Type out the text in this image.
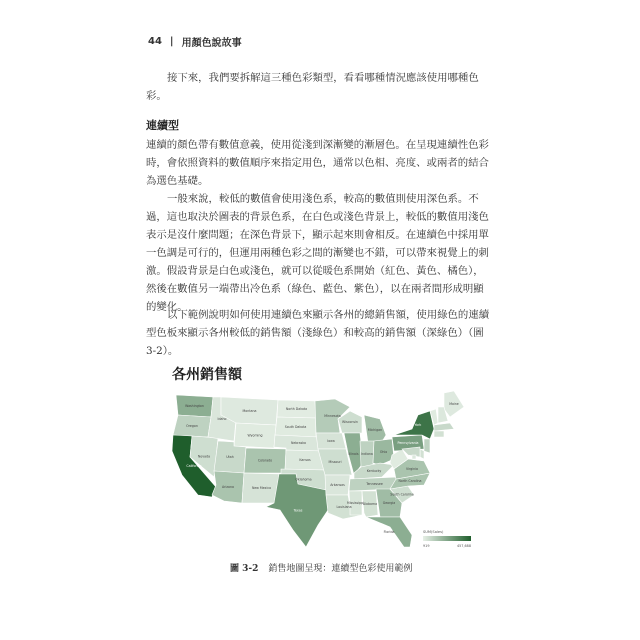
44 | 用顏色說故事

接下來，我們要拆解這三種色彩類型，看看哪種情況應該使用哪種色彩。

連續型

連續的顏色帶有數值意義，使用從淺到深漸變的漸層色。在呈現連續性色彩時，會依照資料的數值順序來指定用色，通常以色相、亮度、或兩者的結合為選色基礎。

一般來說，較低的數值會使用淺色系，較高的數值則使用深色系。不過，這也取決於圖表的背景色系，在白色或淺色背景上，較低的數值用淺色表示是沒什麼問題；在深色背景下，顯示起來則會相反。在連續色中採用單一色調是可行的，但運用兩種色彩之間的漸變也不錯，可以帶來視覺上的刺激。假設背景是白色或淺色，就可以從暖色系開始（紅色、黃色、橘色），然後在數值另一端帶出冷色系（綠色、藍色、紫色），以在兩者間形成明顯的變化。

以下範例說明如何使用連續色來顯示各州的總銷售額，使用綠色的連續型色板來顯示各州較低的銷售額（淺綠色）和較高的銷售額（深綠色）（圖 3-2）。

各州銷售額
Washington
Oregon
California
Nevada
Idaho
Montana
Wyoming
Utah
Arizona
Colorado
New Mexico
North Dakota
South Dakota
Nebraska
Kansas
Oklahoma
Texas
Minnesota
Iowa
Missouri
Arkansas
Louisiana
Wisconsin
Illinois
Michigan
Indiana Ohio
Kentucky
Tennessee
Mississippi
Alabama Georgia
Florida
South Carolina
North Carolina
Virginia
Pennsylvania
New York
Maine
SUM(Sales)
919	457,688
圖 3-2 銷售地圖呈現：連續型色彩使用範例
